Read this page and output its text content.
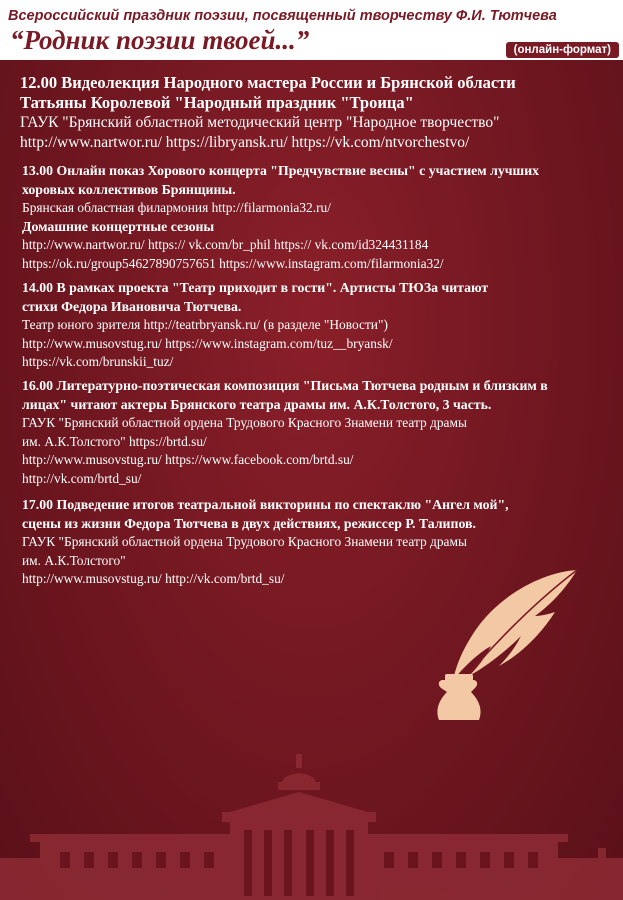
Всероссийский праздник поэзии, посвященный творчеству Ф.И. Тютчева
“Родник поэзии твоей...”	(онлайн-формат)
12.00 Видеолекция Народного мастера России и Брянской области
Татьяны Королевой "Народный праздник "Троица"
ГАУК "Брянский областной методический центр "Народное творчество"
http://www.nartwor.ru/ https://libryansk.ru/ https://vk.com/ntvorchestvo/
13.00 Онлайн показ Хорового концерта "Предчувствие весны" с участием лучших
хоровых коллективов Брянщины.
Брянская областная филармония http://filarmonia32.ru/
Домашние концертные сезоны
http://www.nartwor.ru/ https:// vk.com/br_phil https:// vk.com/id324431184
https://ok.ru/group54627890757651 https://www.instagram.com/filarmonia32/
14.00 В рамках проекта "Театр приходит в гости". Артисты ТЮЗа читают
стихи Федора Ивановича Тютчева.
Театр юного зрителя http://teatrbryansk.ru/ (в разделе "Новости")
http://www.musovstug.ru/ https://www.instagram.com/tuz__bryansk/
https://vk.com/brunskii_tuz/
16.00 Литературно-поэтическая композиция "Письма Тютчева родным и близким в
лицах" читают актеры Брянского театра драмы им. А.К.Толстого, 3 часть.
ГАУК "Брянский областной ордена Трудового Красного Знамени театр драмы
им. А.К.Толстого" https://brtd.su/
http://www.musovstug.ru/ https://www.facebook.com/brtd.su/
http://vk.com/brtd_su/
17.00 Подведение итогов театральной викторины по спектаклю "Ангел мой",
сцены из жизни Федора Тютчева в двух действиях, режиссер Р. Талипов.
ГАУК "Брянский областной ордена Трудового Красного Знамени театр драмы
им. А.К.Толстого"
http://www.musovstug.ru/ http://vk.com/brtd_su/
